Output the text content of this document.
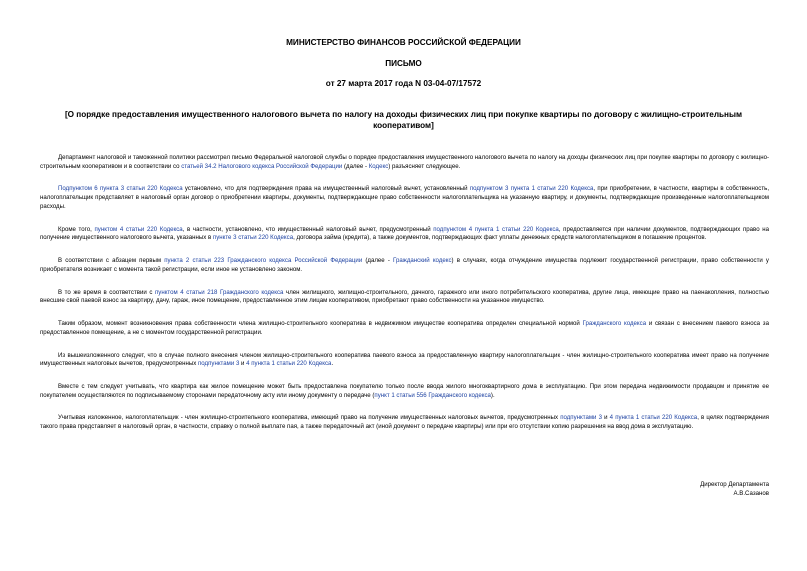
МИНИСТЕРСТВО ФИНАНСОВ РОССИЙСКОЙ ФЕДЕРАЦИИ
ПИСЬМО
от 27 марта 2017 года N 03-04-07/17572
[О порядке предоставления имущественного налогового вычета по налогу на доходы физических лиц при покупке квартиры по договору с жилищно-строительным кооперативом]

Департамент налоговой и таможенной политики рассмотрел письмо Федеральной налоговой службы о порядке предоставления имущественного налогового вычета по налогу на доходы физических лиц при покупке квартиры по договору с жилищно-строительным кооперативом и в соответствии со статьей 34.2 Налогового кодекса Российской Федерации (далее - Кодекс) разъясняет следующее.

Подпунктом 6 пункта 3 статьи 220 Кодекса установлено, что для подтверждения права на имущественный налоговый вычет, установленный подпунктом 3 пункта 1 статьи 220 Кодекса, при приобретении, в частности, квартиры в собственность, налогоплательщик представляет в налоговый орган договор о приобретении квартиры, документы, подтверждающие право собственности налогоплательщика на указанную квартиру, и документы, подтверждающие произведенные налогоплательщиком расходы.

Кроме того, пунктом 4 статьи 220 Кодекса, в частности, установлено, что имущественный налоговый вычет, предусмотренный подпунктом 4 пункта 1 статьи 220 Кодекса, предоставляется при наличии документов, подтверждающих право на получение имущественного налогового вычета, указанных в пункте 3 статьи 220 Кодекса, договора займа (кредита), а также документов, подтверждающих факт уплаты денежных средств налогоплательщиком в погашение процентов.

В соответствии с абзацем первым пункта 2 статьи 223 Гражданского кодекса Российской Федерации (далее - Гражданский кодекс) в случаях, когда отчуждение имущества подлежит государственной регистрации, право собственности у приобретателя возникает с момента такой регистрации, если иное не установлено законом.

В то же время в соответствии с пунктом 4 статьи 218 Гражданского кодекса член жилищного, жилищно-строительного, дачного, гаражного или иного потребительского кооператива, другие лица, имеющие право на паенакопления, полностью внесшие свой паевой взнос за квартиру, дачу, гараж, иное помещение, предоставленное этим лицам кооперативом, приобретают право собственности на указанное имущество.

Таким образом, момент возникновения права собственности члена жилищно-строительного кооператива в недвижимом имуществе кооператива определен специальной нормой Гражданского кодекса и связан с внесением паевого взноса за предоставленное помещение, а не с моментом государственной регистрации.

Из вышеизложенного следует, что в случае полного внесения членом жилищно-строительного кооператива паевого взноса за предоставленную квартиру налогоплательщик - член жилищно-строительного кооператива имеет право на получение имущественных налоговых вычетов, предусмотренных подпунктами 3 и 4 пункта 1 статьи 220 Кодекса.

Вместе с тем следует учитывать, что квартира как жилое помещение может быть предоставлена покупателю только после ввода жилого многоквартирного дома в эксплуатацию. При этом передача недвижимости продавцом и принятие ее покупателем осуществляются по подписываемому сторонами передаточному акту или иному документу о передаче (пункт 1 статьи 556 Гражданского кодекса).

Учитывая изложенное, налогоплательщик - член жилищно-строительного кооператива, имеющий право на получение имущественных налоговых вычетов, предусмотренных подпунктами 3 и 4 пункта 1 статьи 220 Кодекса, в целях подтверждения такого права представляет в налоговый орган, в частности, справку о полной выплате пая, а также передаточный акт (иной документ о передаче квартиры) или при его отсутствии копию разрешения на ввод дома в эксплуатацию.

Директор Департамента
А.В.Сазанов
